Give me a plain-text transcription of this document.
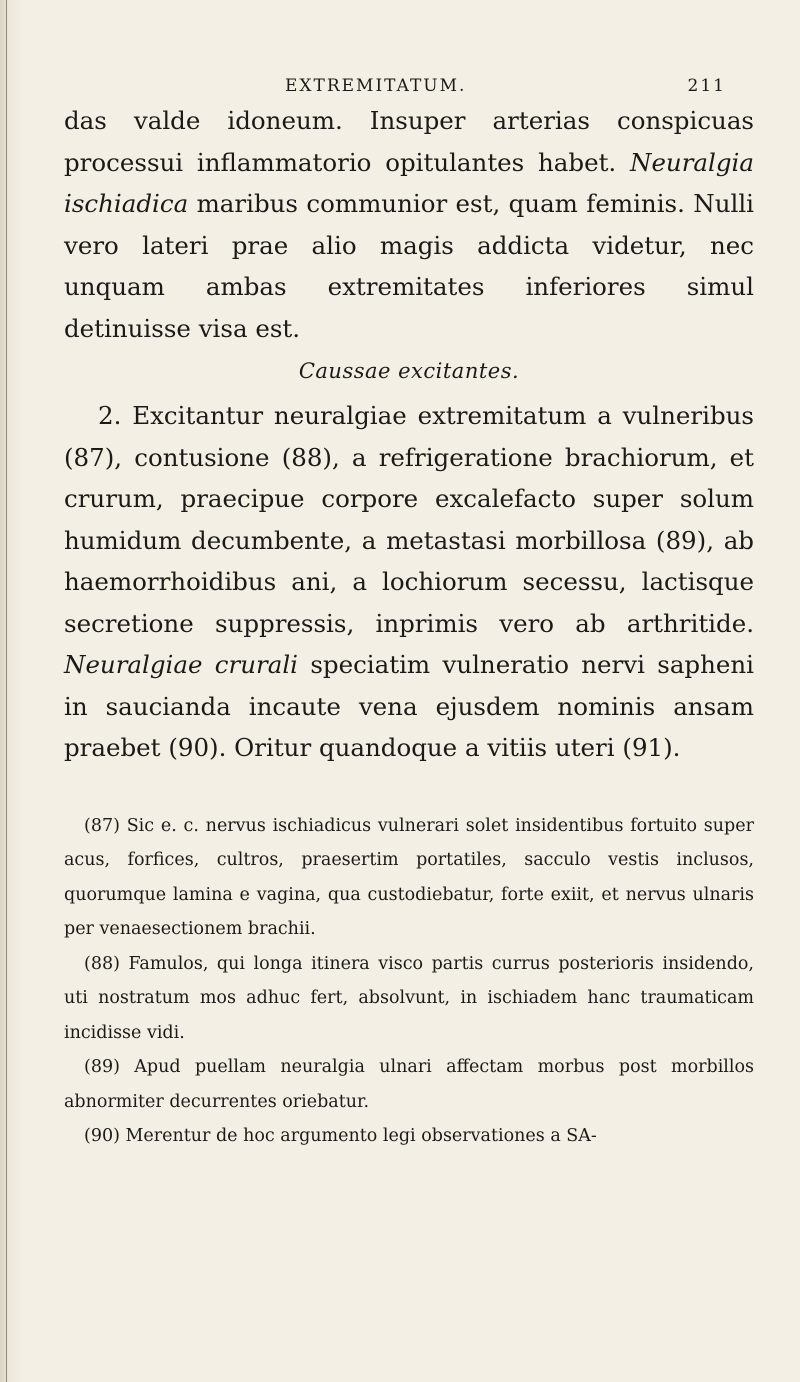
EXTREMITATUM.	211

das valde idoneum. Insuper arterias conspicuas processui inflammatorio opitulantes habet. Neuralgia ischiadica maribus communior est, quam feminis. Nulli vero lateri prae alio magis addicta videtur, nec unquam ambas extremitates inferiores simul detinuisse visa est.

Caussae excitantes.

2. Excitantur neuralgiae extremitatum a vulneribus (87), contusione (88), a refrigeratione brachiorum, et crurum, praecipue corpore excalefacto super solum humidum decumbente, a metastasi morbillosa (89), ab haemorrhoidibus ani, a lochiorum secessu, lactisque secretione suppressis, inprimis vero ab arthritide. Neuralgiae crurali speciatim vulneratio nervi sapheni in saucianda incaute vena ejusdem nominis ansam praebet (90). Oritur quandoque a vitiis uteri (91).

(87) Sic e. c. nervus ischiadicus vulnerari solet insidentibus fortuito super acus, forfices, cultros, praesertim portatiles, sacculo vestis inclusos, quorumque lamina e vagina, qua custodiebatur, forte exiit, et nervus ulnaris per venaesectionem brachii.

(88) Famulos, qui longa itinera visco partis currus posterioris insidendo, uti nostratum mos adhuc fert, absolvunt, in ischiadem hanc traumaticam incidisse vidi.

(89) Apud puellam neuralgia ulnari affectam morbus post morbillos abnormiter decurrentes oriebatur.

(90) Merentur de hoc argumento legi observationes a SA-
